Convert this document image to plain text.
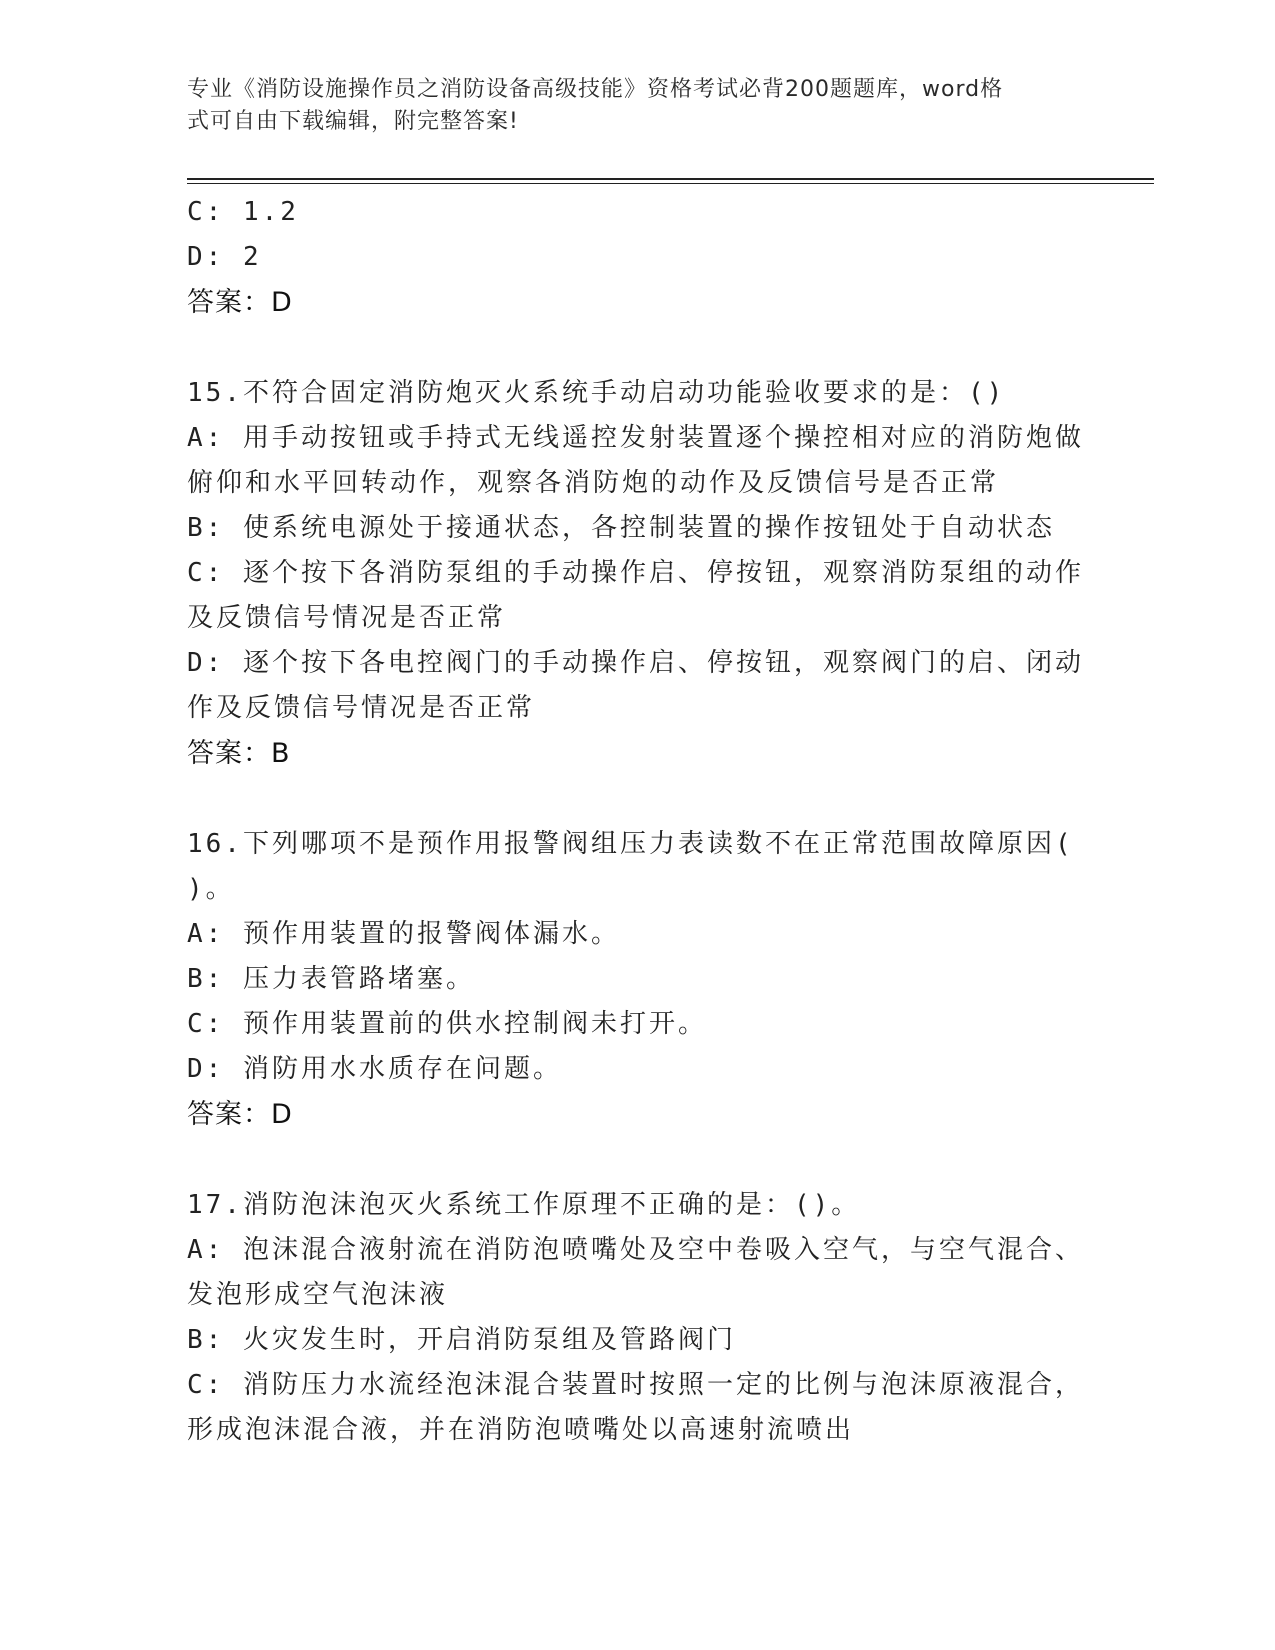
专业《消防设施操作员之消防设备高级技能》资格考试必背200题题库，word格
式可自由下载编辑，附完整答案!
C: 1.2
D: 2
答案：D
15.不符合固定消防炮灭火系统手动启动功能验收要求的是：()
A: 用手动按钮或手持式无线遥控发射装置逐个操控相对应的消防炮做
俯仰和水平回转动作，观察各消防炮的动作及反馈信号是否正常
B: 使系统电源处于接通状态，各控制装置的操作按钮处于自动状态
C: 逐个按下各消防泵组的手动操作启、停按钮，观察消防泵组的动作
及反馈信号情况是否正常
D: 逐个按下各电控阀门的手动操作启、停按钮，观察阀门的启、闭动
作及反馈信号情况是否正常
答案：B
16.下列哪项不是预作用报警阀组压力表读数不在正常范围故障原因(
)。
A: 预作用装置的报警阀体漏水。
B: 压力表管路堵塞。
C: 预作用装置前的供水控制阀未打开。
D: 消防用水水质存在问题。
答案：D
17.消防泡沫泡灭火系统工作原理不正确的是：()。
A: 泡沫混合液射流在消防泡喷嘴处及空中卷吸入空气，与空气混合、
发泡形成空气泡沫液
B: 火灾发生时，开启消防泵组及管路阀门
C: 消防压力水流经泡沫混合装置时按照一定的比例与泡沫原液混合，
形成泡沫混合液，并在消防泡喷嘴处以高速射流喷出
